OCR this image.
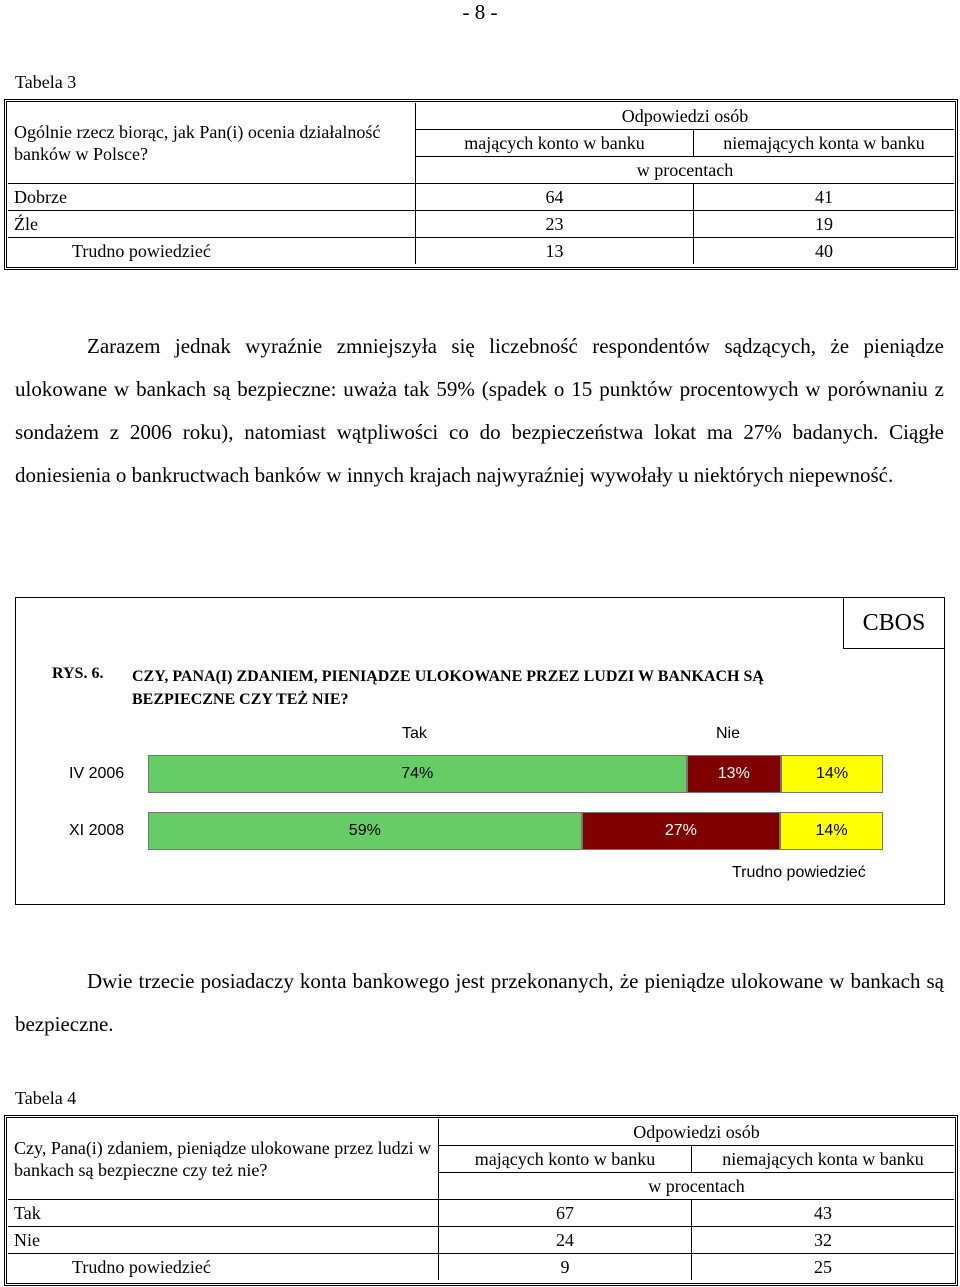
- 8 -
Tabela 3
Ogólnie rzecz biorąc, jak Pan(i) ocenia działalność banków w Polsce?	Odpowiedzi osób	
	mających konto w banku	niemających konta w banku
	w procentach	
Dobrze	64	41
Źle	23	19
Trudno powiedzieć	13	40
Zarazem jednak wyraźnie zmniejszyła się liczebność respondentów sądzących, że pieniądze ulokowane w bankach są bezpieczne: uważa tak 59% (spadek o 15 punktów procentowych w porównaniu z sondażem z 2006 roku), natomiast wątpliwości co do bezpieczeństwa lokat ma 27% badanych. Ciągłe doniesienia o bankructwach banków w innych krajach najwyraźniej wywołały u niektórych niepewność.
CBOS
RYS. 6. CZY, PANA(I) ZDANIEM, PIENIĄDZE ULOKOWANE PRZEZ LUDZI W BANKACH SĄ BEZPIECZNE CZY TEŻ NIE?
Tak	Nie
IV 2006	74%	13%	14%
XI 2008	59%	27%	14%
Trudno powiedzieć
Dwie trzecie posiadaczy konta bankowego jest przekonanych, że pieniądze ulokowane w bankach są bezpieczne.
Tabela 4
Czy, Pana(i) zdaniem, pieniądze ulokowane przez ludzi w bankach są bezpieczne czy też nie?	Odpowiedzi osób	
	mających konto w banku	niemających konta w banku
	w procentach	
Tak	67	43
Nie	24	32
Trudno powiedzieć	9	25
